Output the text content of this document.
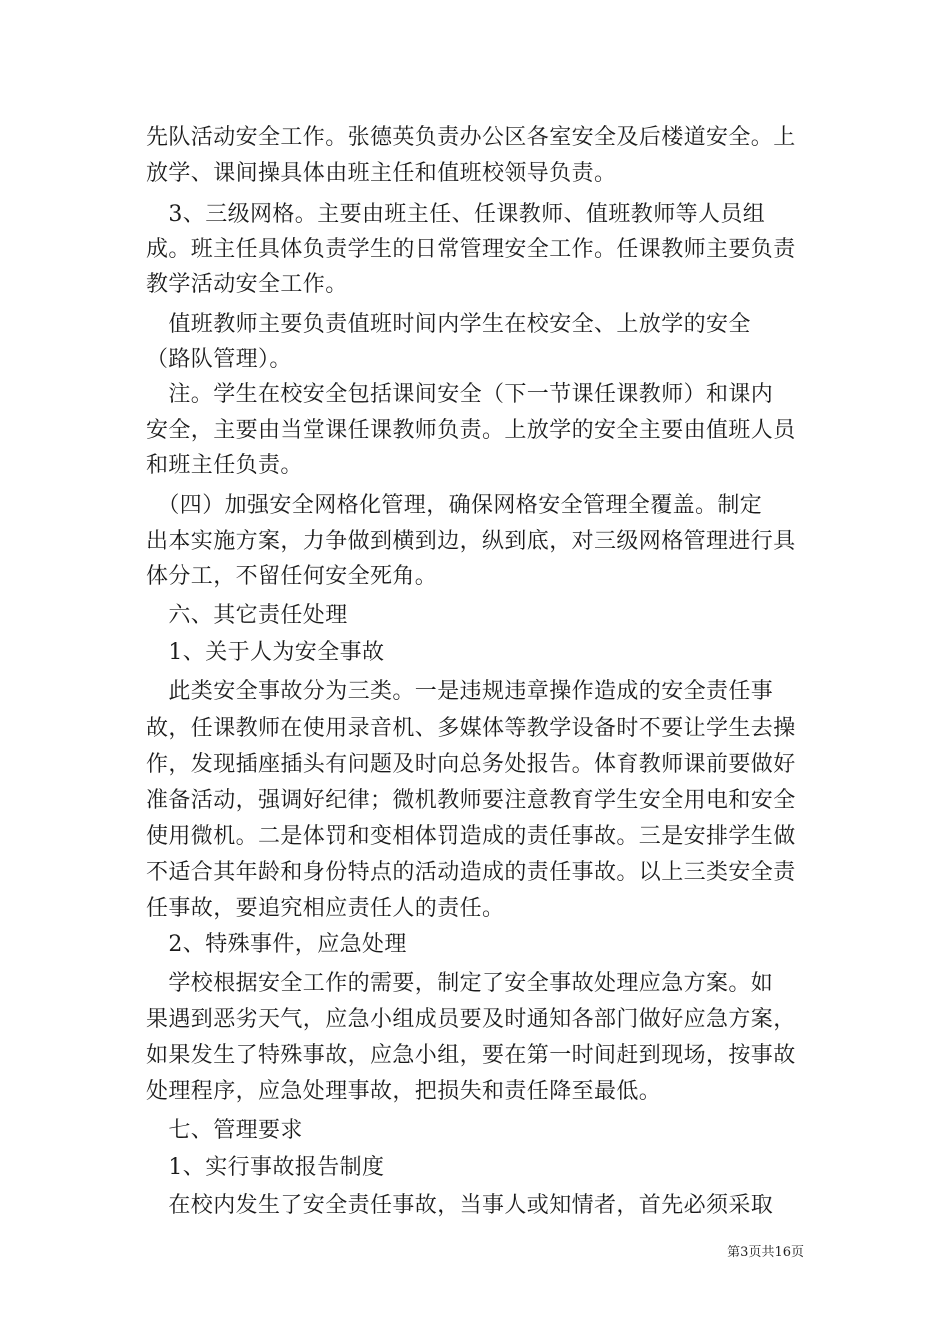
先队活动安全工作。张德英负责办公区各室安全及后楼道安全。上
放学、课间操具体由班主任和值班校领导负责。
　3、三级网格。主要由班主任、任课教师、值班教师等人员组
成。班主任具体负责学生的日常管理安全工作。任课教师主要负责
教学活动安全工作。
　值班教师主要负责值班时间内学生在校安全、上放学的安全
（路队管理）。
　注。学生在校安全包括课间安全（下一节课任课教师）和课内
安全，主要由当堂课任课教师负责。上放学的安全主要由值班人员
和班主任负责。
　（四）加强安全网格化管理，确保网格安全管理全覆盖。制定
出本实施方案，力争做到横到边，纵到底，对三级网格管理进行具
体分工，不留任何安全死角。
　六、其它责任处理
　1、关于人为安全事故
　此类安全事故分为三类。一是违规违章操作造成的安全责任事
故，任课教师在使用录音机、多媒体等教学设备时不要让学生去操
作，发现插座插头有问题及时向总务处报告。体育教师课前要做好
准备活动，强调好纪律；微机教师要注意教育学生安全用电和安全
使用微机。二是体罚和变相体罚造成的责任事故。三是安排学生做
不适合其年龄和身份特点的活动造成的责任事故。以上三类安全责
任事故，要追究相应责任人的责任。
　2、特殊事件，应急处理
　学校根据安全工作的需要，制定了安全事故处理应急方案。如
果遇到恶劣天气，应急小组成员要及时通知各部门做好应急方案，
如果发生了特殊事故，应急小组，要在第一时间赶到现场，按事故
处理程序，应急处理事故，把损失和责任降至最低。
　七、管理要求
　1、实行事故报告制度
　在校内发生了安全责任事故，当事人或知情者，首先必须采取
第3页共16页
